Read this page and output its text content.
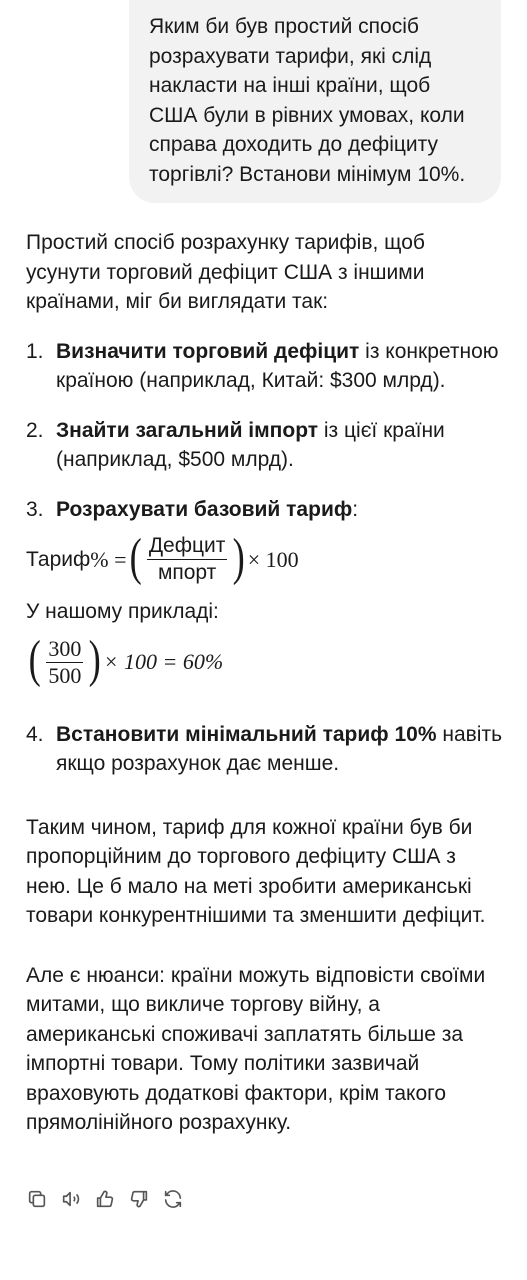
Яким би був простий спосіб розрахувати тарифи, які слід накласти на інші країни, щоб США були в рівних умовах, коли справа доходить до дефіциту торгівлі? Встанови мінімум 10%.

Простий спосіб розрахунку тарифів, щоб усунути торговий дефіцит США з іншими країнами, міг би виглядати так:

1. Визначити торговий дефіцит із конкретною країною (наприклад, Китай: $300 млрд).

2. Знайти загальний імпорт із цієї країни (наприклад, $500 млрд).

3. Розрахувати базовий тариф:

Тариф % = ( $\frac{\text{Дефцит}}{\text{мпорт}}$ ) × 100

У нашому прикладі:

( $\frac{300}{500}$ ) × 100 = 60%

4. Встановити мінімальний тариф 10% навіть якщо розрахунок дає менше.

Таким чином, тариф для кожної країни був би пропорційним до торгового дефіциту США з нею. Це б мало на меті зробити американські товари конкурентнішими та зменшити дефіцит.

Але є нюанси: країни можуть відповісти своїми митами, що викличе торгову війну, а американські споживачі заплатять більше за імпортні товари. Тому політики зазвичай враховують додаткові фактори, крім такого прямолінійного розрахунку.
